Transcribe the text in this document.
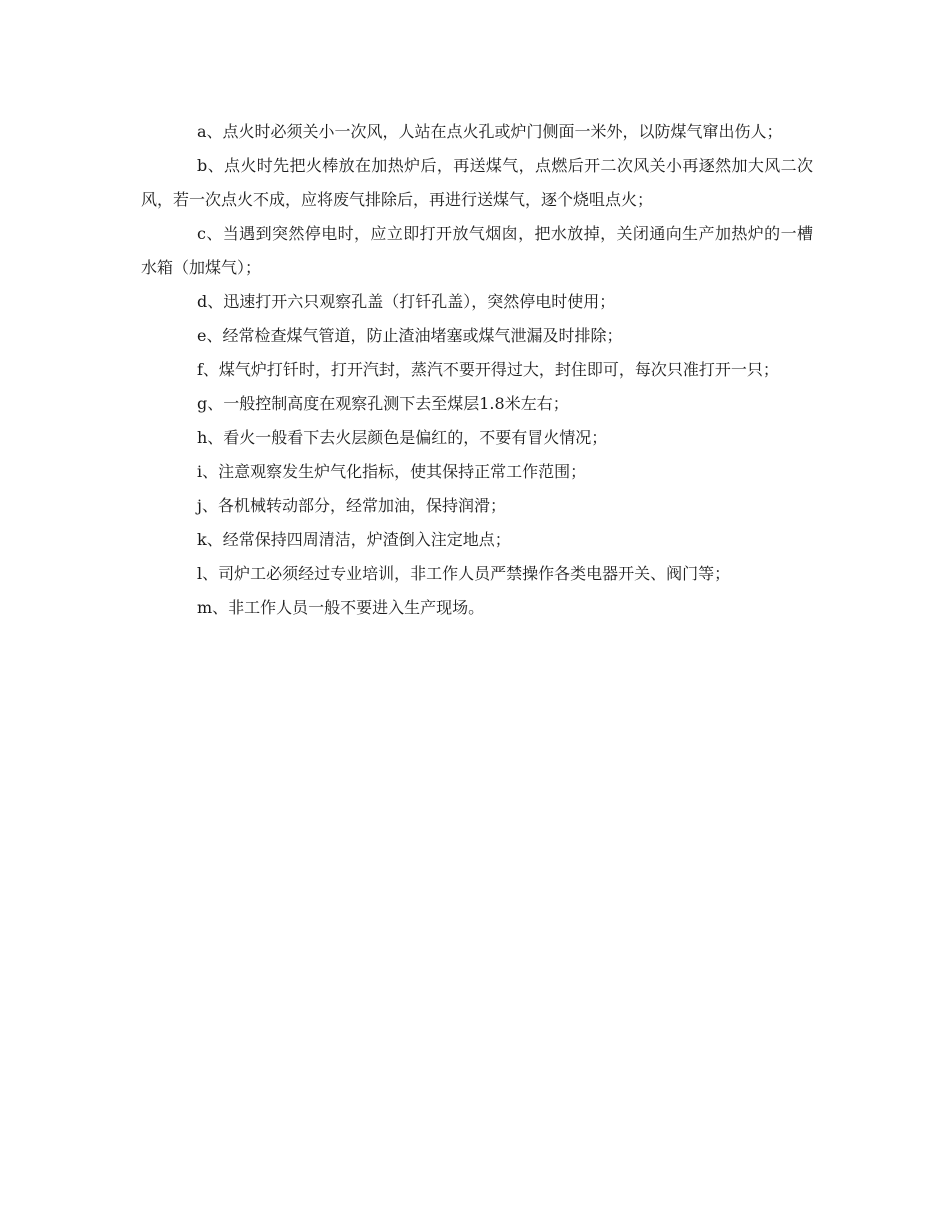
a、点火时必须关小一次风，人站在点火孔或炉门侧面一米外，以防煤气窜出伤人；

b、点火时先把火棒放在加热炉后，再送煤气，点燃后开二次风关小再逐然加大风二次风，若一次点火不成，应将废气排除后，再进行送煤气，逐个烧咀点火；

c、当遇到突然停电时，应立即打开放气烟囱，把水放掉，关闭通向生产加热炉的一槽水箱（加煤气）；

d、迅速打开六只观察孔盖（打钎孔盖），突然停电时使用；

e、经常检查煤气管道，防止渣油堵塞或煤气泄漏及时排除；

f、煤气炉打钎时，打开汽封，蒸汽不要开得过大，封住即可，每次只准打开一只；

g、一般控制高度在观察孔测下去至煤层1.8米左右；

h、看火一般看下去火层颜色是偏红的，不要有冒火情况；

i、注意观察发生炉气化指标，使其保持正常工作范围；

j、各机械转动部分，经常加油，保持润滑；

k、经常保持四周清洁，炉渣倒入注定地点；

l、司炉工必须经过专业培训，非工作人员严禁操作各类电器开关、阀门等；

m、非工作人员一般不要进入生产现场。
